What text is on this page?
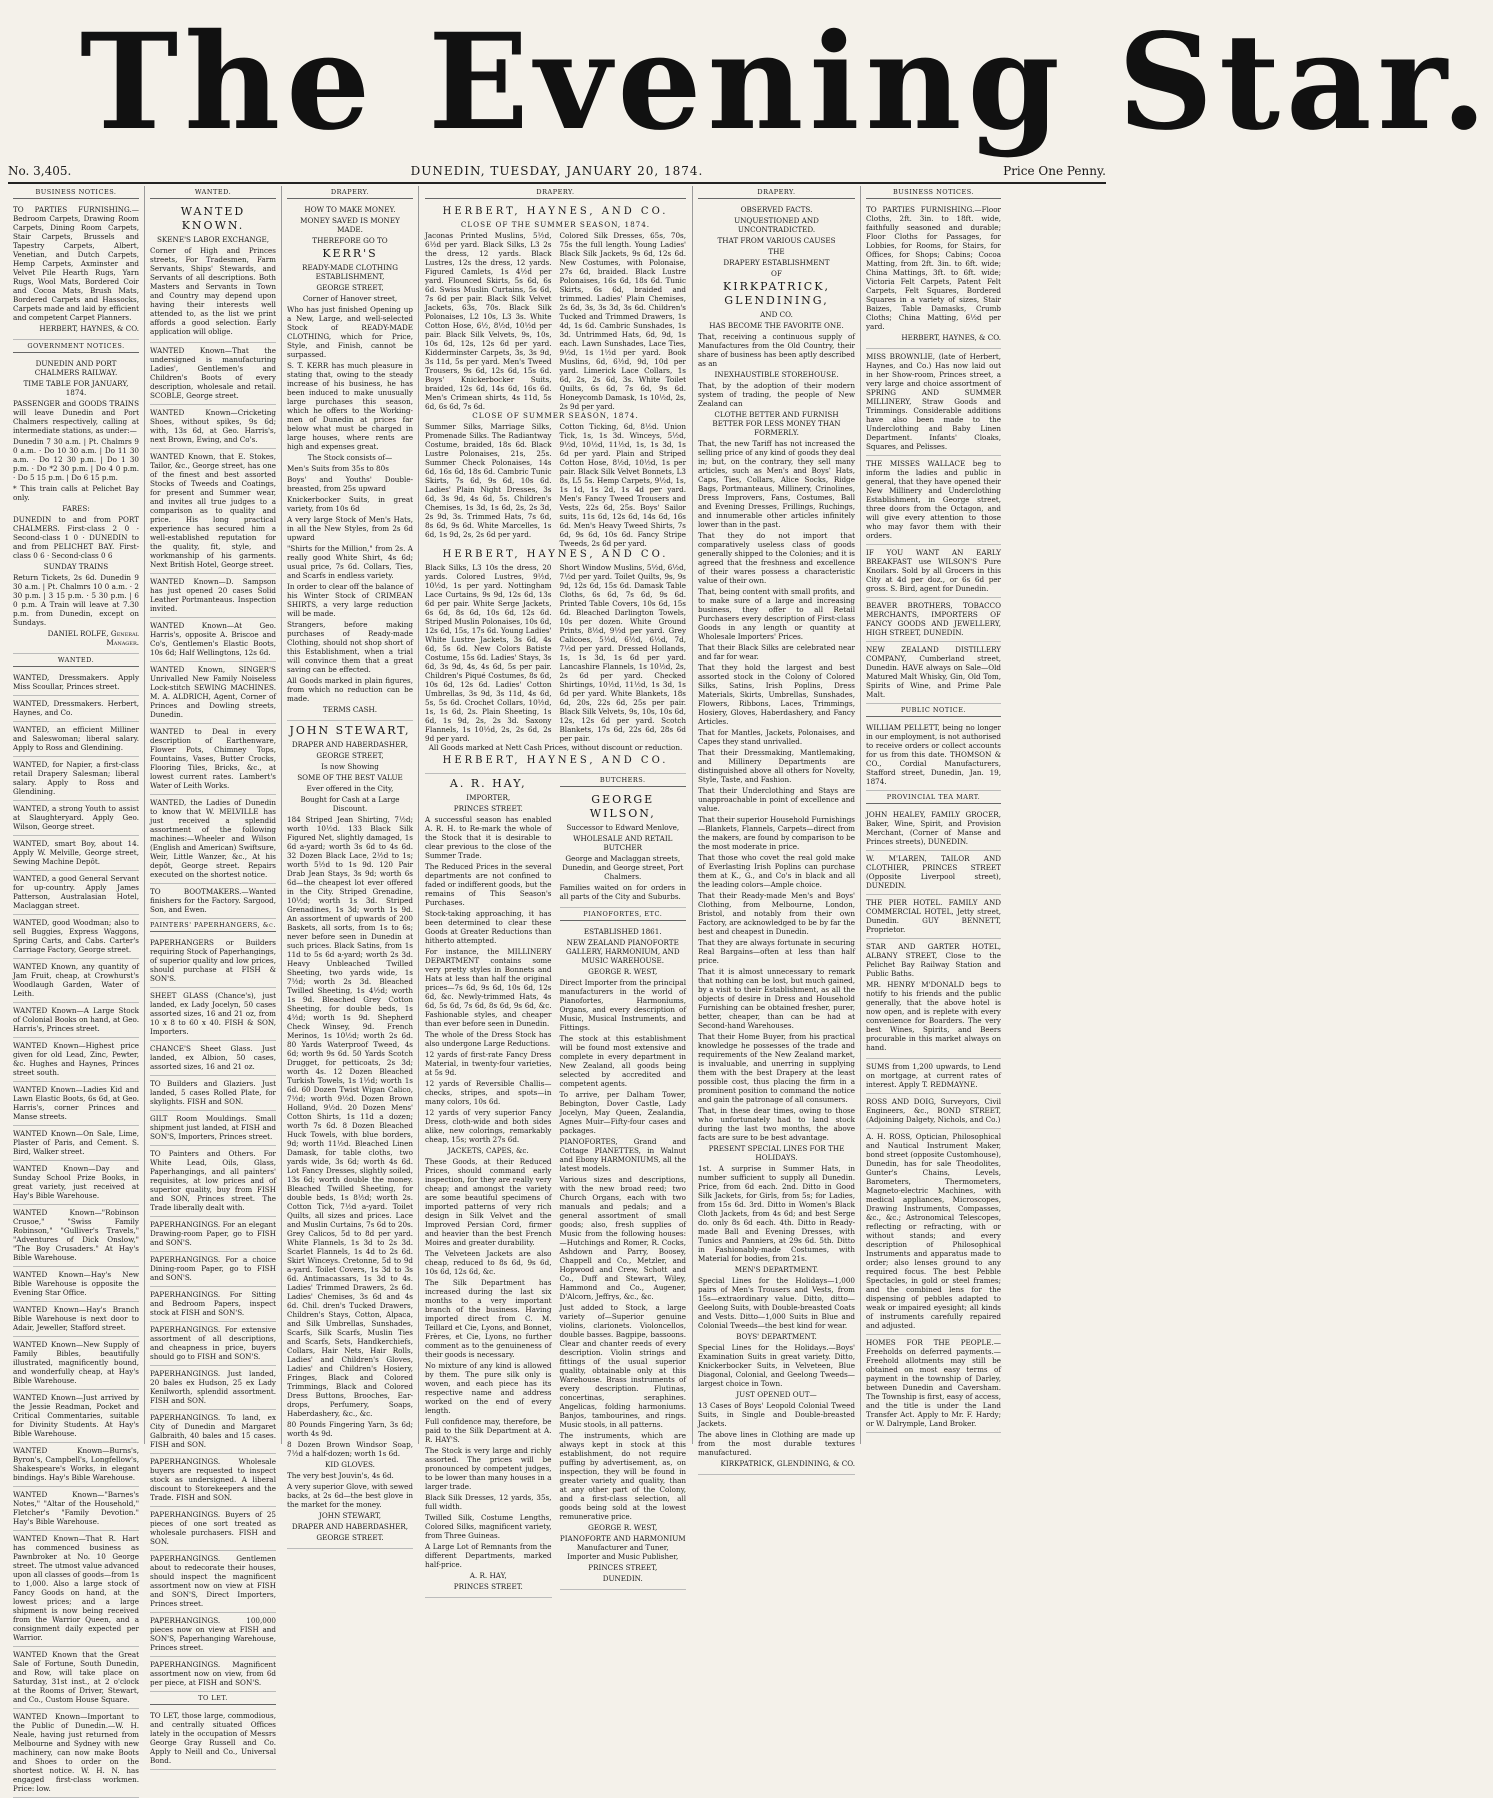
The Evening Star.
No. 3,405.	DUNEDIN, TUESDAY, JANUARY 20, 1874.	Price One Penny.
BUSINESS NOTICES.

TO PARTIES FURNISHING.—Bedroom Carpets, Drawing Room Carpets, Dining Room Carpets, Stair Carpets, Brussels and Tapestry Carpets, Albert, Venetian, and Dutch Carpets, Hemp Carpets, Axminster and Velvet Pile Hearth Rugs, Yarn Rugs, Wool Mats, Bordered Coir and Cocoa Mats, Brush Mats, Bordered Carpets and Hassocks, Carpets made and laid by efficient and competent Carpet Planners.

HERBERT, HAYNES, & CO.

GOVERNMENT NOTICES.

DUNEDIN AND PORT CHALMERS RAILWAY.

TIME TABLE FOR JANUARY, 1874.

PASSENGER and GOODS TRAINS will leave Dunedin and Port Chalmers respectively, calling at intermediate stations, as under:—

Dunedin 7 30 a.m. | Pt. Chalmrs 9 0 a.m. · Do 10 30 a.m. | Do 11 30 a.m. · Do 12 30 p.m. | Do 1 30 p.m. · Do *2 30 p.m. | Do 4 0 p.m. · Do 5 15 p.m. | Do 6 15 p.m.

* This train calls at Pelichet Bay only.

FARES:

DUNEDIN to and from PORT CHALMERS. First-class 2 0 · Second-class 1 0 · DUNEDIN to and from PELICHET BAY. First-class 0 6 · Second-class 0 6

SUNDAY TRAINS

Return Tickets, 2s 6d. Dunedin 9 30 a.m. | Pt. Chalmrs 10 0 a.m. · 2 30 p.m. | 3 15 p.m. · 5 30 p.m. | 6 0 p.m. A Train will leave at 7.30 p.m. from Dunedin, except on Sundays.

DANIEL ROLFE, General Manager.

WANTED.
WANTED, Dressmakers. Apply Miss Scoullar, Princes street.
WANTED, Dressmakers. Herbert, Haynes, and Co.
WANTED, an efficient Milliner and Saleswoman; liberal salary. Apply to Ross and Glendining.
WANTED, for Napier, a first-class retail Drapery Salesman; liberal salary. Apply to Ross and Glendining.
WANTED, a strong Youth to assist at Slaughteryard. Apply Geo. Wilson, George street.
WANTED, smart Boy, about 14. Apply W. Melville, George street, Sewing Machine Depôt.
WANTED, a good General Servant for up-country. Apply James Patterson, Australasian Hotel, Maclaggan street.
WANTED, good Woodman; also to sell Buggies, Express Waggons, Spring Carts, and Cabs. Carter's Carriage Factory, George street.
WANTED Known, any quantity of Jam Fruit, cheap, at Crowhurst's Woodlaugh Garden, Water of Leith.
WANTED Known—A Large Stock of Colonial Books on hand, at Geo. Harris's, Princes street.
WANTED Known—Highest price given for old Lead, Zinc, Pewter, &c. Hughes and Haynes, Princes street south.
WANTED Known—Ladies Kid and Lawn Elastic Boots, 6s 6d, at Geo. Harris's, corner Princes and Manse streets.
WANTED Known—On Sale, Lime, Plaster of Paris, and Cement. S. Bird, Walker street.
WANTED Known—Day and Sunday School Prize Books, in great variety, just received at Hay's Bible Warehouse.
WANTED Known—"Robinson Crusoe," "Swiss Family Robinson," "Gulliver's Travels," "Adventures of Dick Onslow," "The Boy Crusaders." At Hay's Bible Warehouse.
WANTED Known—Hay's New Bible Warehouse is opposite the Evening Star Office.
WANTED Known—Hay's Branch Bible Warehouse is next door to Adair, Jeweller, Stafford street.
WANTED Known—New Supply of Family Bibles, beautifully illustrated, magnificently bound, and wonderfully cheap, at Hay's Bible Warehouse.
WANTED Known—Just arrived by the Jessie Readman, Pocket and Critical Commentaries, suitable for Divinity Students. At Hay's Bible Warehouse.
WANTED Known—Burns's, Byron's, Campbell's, Longfellow's, Shakespeare's Works, in elegant bindings. Hay's Bible Warehouse.
WANTED Known—"Barnes's Notes," "Altar of the Household," Fletcher's "Family Devotion." Hay's Bible Warehouse.
WANTED Known—That R. Hart has commenced business as Pawnbroker at No. 10 George street. The utmost value advanced upon all classes of goods—from 1s to 1,000. Also a large stock of Fancy Goods on hand, at the lowest prices; and a large shipment is now being received from the Warrior Queen, and a consignment daily expected per Warrior.
WANTED Known that the Great Sale of Fortune, South Dunedin, and Row, will take place on Saturday, 31st inst., at 2 o'clock at the Rooms of Driver, Stewart, and Co., Custom House Square.
WANTED Known—Important to the Public of Dunedin.—W. H. Neale, having just returned from Melbourne and Sydney with new machinery, can now make Boots and Shoes to order on the shortest notice. W. H. N. has engaged first-class workmen. Price: low.
WANTED.

WANTED KNOWN.

SKENE'S LABOR EXCHANGE,

Corner of High and Princes streets, For Tradesmen, Farm Servants, Ships' Stewards, and Servants of all descriptions. Both Masters and Servants in Town and Country may depend upon having their interests well attended to, as the list we print affords a good selection. Early application will oblige.

WANTED Known—That the undersigned is manufacturing Ladies', Gentlemen's and Children's Boots of every description, wholesale and retail. SCOBLE, George street.
WANTED Known—Cricketing Shoes, without spikes, 9s 6d; with, 13s 6d, at Geo. Harris's, next Brown, Ewing, and Co's.
WANTED Known, that E. Stokes, Tailor, &c., George street, has one of the finest and best assorted Stocks of Tweeds and Coatings, for present and Summer wear, and invites all true judges to a comparison as to quality and price. His long practical experience has secured him a well-established reputation for the quality, fit, style, and workmanship of his garments. Next British Hotel, George street.
WANTED Known—D. Sampson has just opened 20 cases Solid Leather Portmanteaus. Inspection invited.
WANTED Known—At Geo. Harris's, opposite A. Briscoe and Co's, Gentlemen's Elastic Boots, 10s 6d; Half Wellingtons, 12s 6d.
WANTED Known, SINGER'S Unrivalled New Family Noiseless Lock-stitch SEWING MACHINES. M. A. ALDRICH, Agent, Corner of Princes and Dowling streets, Dunedin.
WANTED to Deal in every description of Earthenware, Flower Pots, Chimney Tops, Fountains, Vases, Butter Crocks, Flooring Tiles, Bricks, &c., at lowest current rates. Lambert's Water of Leith Works.
WANTED, the Ladies of Dunedin to know that W. MELVILLE has just received a splendid assortment of the following machines:—Wheeler and Wilson (English and American) Swiftsure, Weir, Little Wanzer, &c., At his depôt, George street. Repairs executed on the shortest notice.
TO BOOTMAKERS.—Wanted finishers for the Factory. Sargood, Son, and Ewen.
PAINTERS' PAPERHANGERS, &c.
PAPERHANGERS or Builders requiring Stock of Paperhangings, of superior quality and low prices, should purchase at FISH & SON'S.
SHEET GLASS (Chance's), just landed, ex Lady Jocelyn, 50 cases assorted sizes, 16 and 21 oz, from 10 x 8 to 60 x 40. FISH & SON, Importers.
CHANCE'S Sheet Glass. Just landed, ex Albion, 50 cases, assorted sizes, 16 and 21 oz.
TO Builders and Glaziers. Just landed, 5 cases Rolled Plate, for skylights. FISH and SON.
GILT Room Mouldings. Small shipment just landed, at FISH and SON'S, Importers, Princes street.
TO Painters and Others. For White Lead, Oils, Glass, Paperhangings, and all painters' requisites, at low prices and of superior quality, buy from FISH and SON, Princes street. The Trade liberally dealt with.
PAPERHANGINGS. For an elegant Drawing-room Paper, go to FISH and SON'S.
PAPERHANGINGS. For a choice Dining-room Paper, go to FISH and SON'S.
PAPERHANGINGS. For Sitting and Bedroom Papers, inspect stock at FISH and SON'S.
PAPERHANGINGS. For extensive assortment of all descriptions, and cheapness in price, buyers should go to FISH and SON'S.
PAPERHANGINGS. Just landed, 20 bales ex Hudson, 25 ex Lady Kenilworth, splendid assortment. FISH and SON.
PAPERHANGINGS. To land, ex City of Dunedin and Margaret Galbraith, 40 bales and 15 cases. FISH and SON.
PAPERHANGINGS. Wholesale buyers are requested to inspect stock as undersigned. A liberal discount to Storekeepers and the Trade. FISH and SON.
PAPERHANGINGS. Buyers of 25 pieces of one sort treated as wholesale purchasers. FISH and SON.
PAPERHANGINGS. Gentlemen about to redecorate their houses, should inspect the magnificent assortment now on view at FISH and SON'S, Direct Importers, Princes street.
PAPERHANGINGS. 100,000 pieces now on view at FISH and SON'S, Paperhanging Warehouse, Princes street.
PAPERHANGINGS. Magnificent assortment now on view, from 6d per piece, at FISH and SON'S.
TO LET.
TO LET, those large, commodious, and centrally situated Offices lately in the occupation of Messrs George Gray Russell and Co. Apply to Neill and Co., Universal Bond.
DRAPERY.

HOW TO MAKE MONEY.

MONEY SAVED IS MONEY MADE.

THEREFORE GO TO

KERR'S

READY-MADE CLOTHING ESTABLISHMENT,

GEORGE STREET,

Corner of Hanover street,

Who has just finished Opening up a New, Large, and well-selected Stock of READY-MADE CLOTHING, which for Price, Style, and Finish, cannot be surpassed.

S. T. KERR has much pleasure in stating that, owing to the steady increase of his business, he has been induced to make unusually large purchases this season, which he offers to the Working-men of Dunedin at prices far below what must be charged in large houses, where rents are high and expenses great.

The Stock consists of—

Men's Suits from 35s to 80s

Boys' and Youths' Double-breasted, from 25s upward

Knickerbocker Suits, in great variety, from 10s 6d

A very large Stock of Men's Hats, in all the New Styles, from 2s 6d upward

"Shirts for the Million," from 2s. A really good White Shirt, 4s 6d; usual price, 7s 6d. Collars, Ties, and Scarfs in endless variety.

In order to clear off the balance of his Winter Stock of CRIMEAN SHIRTS, a very large reduction will be made.

Strangers, before making purchases of Ready-made Clothing, should not shop short of this Establishment, when a trial will convince them that a great saving can be effected.

All Goods marked in plain figures, from which no reduction can be made.

TERMS CASH.

JOHN STEWART,

DRAPER AND HABERDASHER,

GEORGE STREET,

Is now Showing

SOME OF THE BEST VALUE

Ever offered in the City,

Bought for Cash at a Large Discount.

184 Striped Jean Shirting, 7½d; worth 10½d. 133 Black Silk Figured Net, slightly damaged, 1s 6d a-yard; worth 3s 6d to 4s 6d. 32 Dozen Black Lace, 2½d to 1s; worth 5½d to 1s 9d. 120 Pair Drab Jean Stays, 3s 9d; worth 6s 6d—the cheapest lot ever offered in the City. Striped Grenadine, 10½d; worth 1s 3d. Striped Grenadines, 1s 3d; worth 1s 9d. An assortment of upwards of 200 Baskets, all sorts, from 1s to 6s; never before seen in Dunedin at such prices. Black Satins, from 1s 11d to 5s 6d a-yard; worth 2s 3d. Heavy Unbleached Twilled Sheeting, two yards wide, 1s 7½d; worth 2s 3d. Bleached Twilled Sheeting, 1s 4½d; worth 1s 9d. Bleached Grey Cotton Sheeting, for double beds, 1s 4½d; worth 1s 9d. Shepherd Check Winsey, 9d. French Merinos, 1s 10½d; worth 2s 6d. 80 Yards Waterproof Tweed, 4s 6d; worth 9s 6d. 50 Yards Scotch Drugget, for petticoats, 2s 3d; worth 4s. 12 Dozen Bleached Turkish Towels, 1s 1½d; worth 1s 6d. 60 Dozen Twist Wigan Calico, 7½d; worth 9½d. Dozen Brown Holland, 9½d. 20 Dozen Mens' Cotton Shirts, 1s 11d a dozen; worth 7s 6d. 8 Dozen Bleached Huck Towels, with blue borders, 9d; worth 11½d. Bleached Linen Damask, for table cloths, two yards wide, 3s 6d; worth 4s 6d. Lot Fancy Dresses, slightly soiled, 13s 6d; worth double the money. Bleached Twilled Sheeting, for double beds, 1s 8½d; worth 2s. Cotton Tick, 7½d a-yard. Toilet Quilts, all sizes and prices. Lace and Muslin Curtains, 7s 6d to 20s. Grey Calicos, 5d to 8d per yard. White Flannels, 1s 3d to 2s 3d. Scarlet Flannels, 1s 4d to 2s 6d. Skirt Winceys. Cretonne, 5d to 9d a-yard. Toilet Covers, 1s 3d to 3s 6d. Antimacassars, 1s 3d to 4s. Ladies' Trimmed Drawers, 2s 6d. Ladies' Chemises, 3s 6d and 4s 6d. Chil. dren's Tucked Drawers, Children's Stays, Cotton, Alpaca, and Silk Umbrellas, Sunshades, Scarfs, Silk Scarfs, Muslin Ties and Scarfs, Sets, Handkerchiefs, Collars, Hair Nets, Hair Rolls, Ladies' and Children's Gloves, Ladies' and Children's Hosiery, Fringes, Black and Colored Trimmings, Black and Colored Dress Buttons, Brooches, Ear-drops, Perfumery, Soaps, Haberdashery, &c., &c.

80 Pounds Fingering Yarn, 3s 6d; worth 4s 9d.

8 Dozen Brown Windsor Soap, 7½d a half-dozen; worth 1s 6d.

KID GLOVES.

The very best Jouvin's, 4s 6d.

A very superior Glove, with sewed backs, at 2s 6d—the best glove in the market for the money.

JOHN STEWART,

DRAPER AND HABERDASHER,

GEORGE STREET.

DRAPERY.

HERBERT, HAYNES, AND CO.

CLOSE OF THE SUMMER SEASON, 1874.

Jaconas Printed Muslins, 5½d, 6½d per yard. Black Silks, L3 2s the dress, 12 yards. Black Lustres, 12s the dress, 12 yards. Figured Camlets, 1s 4½d per yard. Flounced Skirts, 5s 6d, 6s 6d. Swiss Muslin Curtains, 5s 6d, 7s 6d per pair. Black Silk Velvet Jackets, 63s, 70s. Black Silk Polonaises, L2 10s, L3 3s. White Cotton Hose, 6½, 8½d, 10½d per pair. Black Silk Velvets, 9s, 10s, 10s 6d, 12s, 12s 6d per yard. Kidderminster Carpets, 3s, 3s 9d, 3s 11d, 5s per yard. Men's Tweed Trousers, 9s 6d, 12s 6d, 15s 6d. Boys' Knickerbocker Suits, braided, 12s 6d, 14s 6d, 16s 6d. Men's Crimean shirts, 4s 11d, 5s 6d, 6s 6d, 7s 6d.
Colored Silk Dresses, 65s, 70s, 75s the full length. Young Ladies' Black Silk Jackets, 9s 6d, 12s 6d. New Costumes, with Polonaise, 27s 6d, braided. Black Lustre Polonaises, 16s 6d, 18s 6d. Tunic Skirts, 6s 6d, braided and trimmed. Ladies' Plain Chemises, 2s 6d, 3s, 3s 3d, 3s 6d. Children's Tucked and Trimmed Drawers, 1s 4d, 1s 6d. Cambric Sunshades, 1s 3d. Untrimmed Hats, 6d, 9d, 1s each. Lawn Sunshades, Lace Ties, 9½d, 1s 1½d per yard. Book Muslins, 6d, 6½d, 9d, 10d per yard. Limerick Lace Collars, 1s 6d, 2s, 2s 6d, 3s. White Toilet Quilts, 6s 6d, 7s 6d, 9s 6d. Honeycomb Damask, 1s 10½d, 2s, 2s 9d per yard.

CLOSE OF SUMMER SEASON, 1874.

Summer Silks, Marriage Silks, Promenade Silks. The Radiantway Costume, braided, 18s 6d. Black Lustre Polonaises, 21s, 25s. Summer Check Polonaises, 14s 6d, 16s 6d, 18s 6d. Cambric Tunic Skirts, 7s 6d, 9s 6d, 10s 6d. Ladies' Plain Night Dresses, 3s 6d, 3s 9d, 4s 6d, 5s. Children's Chemises, 1s 3d, 1s 6d, 2s, 2s 3d, 2s 9d, 3s. Trimmed Hats, 7s 6d, 8s 6d, 9s 6d. White Marcelles, 1s 6d, 1s 9d, 2s, 2s 6d per yard.
Cotton Ticking, 6d, 8½d. Union Tick, 1s, 1s 3d. Winceys, 5½d, 9½d, 10½d, 11½d, 1s, 1s 3d, 1s 6d per yard. Plain and Striped Cotton Hose, 8½d, 10½d, 1s per pair. Black Silk Velvet Bonnets, L3 8s, L5 5s. Hemp Carpets, 9½d, 1s, 1s 1d, 1s 2d, 1s 4d per yard. Men's Fancy Tweed Trousers and Vests, 22s 6d, 25s. Boys' Sailor suits, 11s 6d, 12s 6d, 14s 6d, 16s 6d. Men's Heavy Tweed Shirts, 7s 6d, 9s 6d, 10s 6d. Fancy Stripe Tweeds, 2s 6d per yard.

HERBERT, HAYNES, AND CO.

Black Silks, L3 10s the dress, 20 yards. Colored Lustres, 9½d, 10½d, 1s per yard. Nottingham Lace Curtains, 9s 9d, 12s 6d, 13s 6d per pair. White Serge Jackets, 6s 6d, 8s 6d, 10s 6d, 12s 6d. Striped Muslin Polonaises, 10s 6d, 12s 6d, 15s, 17s 6d. Young Ladies' White Lustre Jackets, 3s 6d, 4s 6d, 5s 6d. New Colors Batiste Costume, 15s 6d. Ladies' Stays, 3s 6d, 3s 9d, 4s, 4s 6d, 5s per pair. Children's Piqué Costumes, 8s 6d, 10s 6d, 12s 6d. Ladies' Cotton Umbrellas, 3s 9d, 3s 11d, 4s 6d, 5s, 5s 6d. Crochet Collars, 10½d, 1s, 1s 6d, 2s. Plain Sheeting, 1s 6d, 1s 9d, 2s, 2s 3d. Saxony Flannels, 1s 10½d, 2s, 2s 6d, 2s 9d per yard.
Short Window Muslins, 5½d, 6½d, 7½d per yard. Toilet Quilts, 9s, 9s 9d, 12s 6d, 15s 6d. Damask Table Cloths, 6s 6d, 7s 6d, 9s 6d. Printed Table Covers, 10s 6d, 15s 6d. Bleached Darlington Towels, 10s per dozen. White Ground Prints, 8½d, 9½d per yard. Grey Calicoes, 5½d, 6½d, 6½d, 7d, 7½d per yard. Dressed Hollands, 1s, 1s 3d, 1s 6d per yard. Lancashire Flannels, 1s 10½d, 2s, 2s 6d per yard. Checked Shirtings, 10½d, 11½d, 1s 3d, 1s 6d per yard. White Blankets, 18s 6d, 20s, 22s 6d, 25s per pair. Black Silk Velvets, 9s, 10s, 10s 6d, 12s, 12s 6d per yard. Scotch Blankets, 17s 6d, 22s 6d, 28s 6d per pair.

All Goods marked at Nett Cash Prices, without discount or reduction.

HERBERT, HAYNES, AND CO.

A. R. HAY,

IMPORTER,

PRINCES STREET.

A successful season has enabled A. R. H. to Re-mark the whole of the Stock that it is desirable to clear previous to the close of the Summer Trade.

The Reduced Prices in the several departments are not confined to faded or indifferent goods, but the remains of This Season's Purchases.

Stock-taking approaching, it has been determined to clear these Goods at Greater Reductions than hitherto attempted.

For instance, the MILLINERY DEPARTMENT contains some very pretty styles in Bonnets and Hats at less than half the original prices—7s 6d, 9s 6d, 10s 6d, 12s 6d, &c. Newly-trimmed Hats, 4s 6d, 5s 6d, 7s 6d, 8s 6d, 9s 6d, &c. Fashionable styles, and cheaper than ever before seen in Dunedin.

The whole of the Dress Stock has also undergone Large Reductions.

12 yards of first-rate Fancy Dress Material, in twenty-four varieties, at 5s 9d.

12 yards of Reversible Challis—checks, stripes, and spots—in many colors, 10s 6d.

12 yards of very superior Fancy Dress, cloth-wide and both sides alike, new colorings, remarkably cheap, 15s; worth 27s 6d.

JACKETS, CAPES, &c.

These Goods, at their Reduced Prices, should command early inspection, for they are really very cheap; and amongst the variety are some beautiful specimens of imported patterns of very rich design in Silk Velvet and the Improved Persian Cord, firmer and heavier than the best French Moires and greater durability.

The Velveteen Jackets are also cheap, reduced to 8s 6d, 9s 6d, 10s 6d, 12s 6d, &c.

The Silk Department has increased during the last six months to a very important branch of the business. Having imported direct from C. M. Teillard et Cie, Lyons, and Bonnet, Frères, et Cie, Lyons, no further comment as to the genuineness of their goods is necessary.

No mixture of any kind is allowed by them. The pure silk only is woven, and each piece has its respective name and address worked on the end of every length.

Full confidence may, therefore, be paid to the Silk Department at A. R. HAY'S.

The Stock is very large and richly assorted. The prices will be pronounced by competent judges, to be lower than many houses in a larger trade.

Black Silk Dresses, 12 yards, 35s, full width.

Twilled Silk, Costume Lengths, Colored Silks, magnificent variety, from Three Guineas.

A Large Lot of Remnants from the different Departments, marked half-price.

A. R. HAY,

PRINCES STREET.

BUTCHERS.

GEORGE WILSON,

Successor to Edward Menlove,

WHOLESALE AND RETAIL BUTCHER

George and Maclaggan streets, Dunedin, and George street, Port Chalmers.

Families waited on for orders in all parts of the City and Suburbs.

PIANOFORTES, ETC.

ESTABLISHED 1861.

NEW ZEALAND PIANOFORTE GALLERY, HARMONIUM, AND MUSIC WAREHOUSE.

GEORGE R. WEST,

Direct Importer from the principal manufacturers in the world of Pianofortes, Harmoniums, Organs, and every description of Music, Musical Instruments, and Fittings.

The stock at this establishment will be found most extensive and complete in every department in New Zealand, all goods being selected by accredited and competent agents.

To arrive, per Dalham Tower, Bebington, Dover Castle, Lady Jocelyn, May Queen, Zealandia, Agnes Muir—Fifty-four cases and packages.

PIANOFORTES, Grand and Cottage PIANETTES, in Walnut and Ebony HARMONIUMS, all the latest models.

Various sizes and descriptions, with the new broad reed; two Church Organs, each with two manuals and pedals; and a general assortment of small goods; also, fresh supplies of Music from the following houses:—Hutchings and Romer, R. Cocks, Ashdown and Parry, Boosey, Chappell and Co., Metzler, and Hopwood and Crew, Schott and Co., Duff and Stewart, Wiley, Hammond and Co., Augener, D'Alcorn, Jeffrys, &c., &c.

Just added to Stock, a large variety of—Superior genuine violins, clarionets. Violoncellos, double basses. Bagpipe, bassoons. Clear and chanter reeds of every description. Violin strings and fittings of the usual superior quality, obtainable only at this Warehouse. Brass instruments of every description. Flutinas, concertinas, seraphines. Angelicas, folding harmoniums. Banjos, tambourines, and rings. Music stools, in all patterns.

The instruments, which are always kept in stock at this establishment, do not require puffing by advertisement, as, on inspection, they will be found in greater variety and quality, than at any other part of the Colony, and a first-class selection, all goods being sold at the lowest remunerative price.

GEORGE R. WEST,

PIANOFORTE AND HARMONIUM Manufacturer and Tuner, Importer and Music Publisher,

PRINCES STREET,

DUNEDIN.

DRAPERY.

OBSERVED FACTS.

UNQUESTIONED AND UNCONTRADICTED.

THAT FROM VARIOUS CAUSES

THE

DRAPERY ESTABLISHMENT

OF

KIRKPATRICK, GLENDINING,

AND CO.

HAS BECOME THE FAVORITE ONE.

That, receiving a continuous supply of Manufactures from the Old Country, their share of business has been aptly described as an

INEXHAUSTIBLE STOREHOUSE.

That, by the adoption of their modern system of trading, the people of New Zealand can

CLOTHE BETTER AND FURNISH BETTER FOR LESS MONEY THAN FORMERLY.

That, the new Tariff has not increased the selling price of any kind of goods they deal in; but, on the contrary, they sell many articles, such as Men's and Boys' Hats, Caps, Ties, Collars, Alice Socks, Ridge Bags, Portmanteaus, Millinery, Crinolines, Dress Improvers, Fans, Costumes, Ball and Evening Dresses, Frillings, Ruchings, and innumerable other articles infinitely lower than in the past.

That they do not import that comparatively useless class of goods generally shipped to the Colonies; and it is agreed that the freshness and excellence of their wares possess a characteristic value of their own.

That, being content with small profits, and to make sure of a large and increasing business, they offer to all Retail Purchasers every description of First-class Goods in any length or quantity at Wholesale Importers' Prices.

That their Black Silks are celebrated near and far for wear.

That they hold the largest and best assorted stock in the Colony of Colored Silks, Satins, Irish Poplins, Dress Materials, Skirts, Umbrellas, Sunshades, Flowers, Ribbons, Laces, Trimmings, Hosiery, Gloves, Haberdashery, and Fancy Articles.

That for Mantles, Jackets, Polonaises, and Capes they stand unrivalled.

That their Dressmaking, Mantlemaking, and Millinery Departments are distinguished above all others for Novelty, Style, Taste, and Fashion.

That their Underclothing and Stays are unapproachable in point of excellence and value.

That their superior Household Furnishings—Blankets, Flannels, Carpets—direct from the makers, are found by comparison to be the most moderate in price.

That those who covet the real gold make of Everlasting Irish Poplins can purchase them at K., G., and Co's in black and all the leading colors—Ample choice.

That their Ready-made Men's and Boys' Clothing, from Melbourne, London, Bristol, and notably from their own Factory, are acknowledged to be by far the best and cheapest in Dunedin.

That they are always fortunate in securing Real Bargains—often at less than half price.

That it is almost unnecessary to remark that nothing can be lost, but much gained, by a visit to their Establishment, as all the objects of desire in Dress and Household Furnishing can be obtained fresher, purer, better, cheaper, than can be had at Second-hand Warehouses.

That their Home Buyer, from his practical knowledge he possesses of the trade and requirements of the New Zealand market, is invaluable, and unerring in supplying them with the best Drapery at the least possible cost, thus placing the firm in a prominent position to command the notice and gain the patronage of all consumers.

That, in these dear times, owing to those who unfortunately had to land stock during the last two months, the above facts are sure to be best advantage.

PRESENT SPECIAL LINES FOR THE HOLIDAYS.

1st. A surprise in Summer Hats, in number sufficient to supply all Dunedin. Price, from 6d each. 2nd. Ditto in Good Silk Jackets, for Girls, from 5s; for Ladies, from 15s 6d. 3rd. Ditto in Women's Black Cloth Jackets, from 4s 6d; and best Serge do. only 8s 6d each. 4th. Ditto in Ready-made Ball and Evening Dresses, with Tunics and Panniers, at 29s 6d. 5th. Ditto in Fashionably-made Costumes, with Material for bodies, from 21s.

MEN'S DEPARTMENT.

Special Lines for the Holidays—1,000 pairs of Men's Trousers and Vests, from 15s—extraordinary value. Ditto, ditto—Geelong Suits, with Double-breasted Coats and Vests. Ditto—1,000 Suits in Blue and Colonial Tweeds—the best kind for wear.

BOYS' DEPARTMENT.

Special Lines for the Holidays.—Boys' Examination Suits in great variety. Ditto, Knickerbocker Suits, in Velveteen, Blue Diagonal, Colonial, and Geelong Tweeds—largest choice in Town.

JUST OPENED OUT—

13 Cases of Boys' Leopold Colonial Tweed Suits, in Single and Double-breasted Jackets.

The above lines in Clothing are made up from the most durable textures manufactured.

KIRKPATRICK, GLENDINING, & CO.

BUSINESS NOTICES.

TO PARTIES FURNISHING.—Floor Cloths, 2ft. 3in. to 18ft. wide, faithfully seasoned and durable; Floor Cloths for Passages, for Lobbies, for Rooms, for Stairs, for Offices, for Shops; Cabins; Cocoa Matting, from 2ft. 3in. to 6ft. wide; China Mattings, 3ft. to 6ft. wide; Victoria Felt Carpets, Patent Felt Carpets, Felt Squares, Bordered Squares in a variety of sizes, Stair Baizes, Table Damasks, Crumb Cloths; China Matting, 6½d per yard.

HERBERT, HAYNES, & CO.

MISS BROWNLIE, (late of Herbert, Haynes, and Co.) Has now laid out in her Show-room, Princes street, a very large and choice assortment of SPRING AND SUMMER MILLINERY, Straw Goods and Trimmings. Considerable additions have also been made to the Underclothing and Baby Linen Department. Infants' Cloaks, Squares, and Pelisses.
THE MISSES WALLACE beg to inform the ladies and public in general, that they have opened their New Millinery and Underclothing Establishment, in George street, three doors from the Octagon, and will give every attention to those who may favor them with their orders.
IF YOU WANT AN EARLY BREAKFAST use WILSON'S Pure Knoilars. Sold by all Grocers in this City at 4d per doz., or 6s 6d per gross. S. Bird, agent for Dunedin.
BEAVER BROTHERS, TOBACCO MERCHANTS, IMPORTERS OF FANCY GOODS AND JEWELLERY, HIGH STREET, DUNEDIN.
NEW ZEALAND DISTILLERY COMPANY, Cumberland street, Dunedin. HAVE always on Sale—Old Matured Malt Whisky, Gin, Old Tom, Spirits of Wine, and Prime Pale Malt.
PUBLIC NOTICE.
WILLIAM PELLETT, being no longer in our employment, is not authorised to receive orders or collect accounts for us from this date. THOMSON & CO., Cordial Manufacturers, Stafford street, Dunedin, Jan. 19, 1874.
PROVINCIAL TEA MART.
JOHN HEALEY, FAMILY GROCER, Baker, Wine, Spirit, and Provision Merchant, (Corner of Manse and Princes streets), DUNEDIN.
W. M'LAREN, TAILOR AND CLOTHIER, PRINCES STREET (Opposite Liverpool street), DUNEDIN.
THE PIER HOTEL. FAMILY AND COMMERCIAL HOTEL, Jetty street, Dunedin. GUY BENNETT, Proprietor.

STAR AND GARTER HOTEL, ALBANY STREET, Close to the Pelichet Bay Railway Station and Public Baths.

MR. HENRY M'DONALD begs to notify to his friends and the public generally, that the above hotel is now open, and is replete with every convenience for Boarders. The very best Wines, Spirits, and Beers procurable in this market always on hand.

SUMS from 1,200 upwards, to Lend on mortgage, at current rates of interest. Apply T. REDMAYNE.
ROSS AND DOIG, Surveyors, Civil Engineers, &c., BOND STREET, (Adjoining Dalgety, Nichols, and Co.)
A. H. ROSS, Optician, Philosophical and Nautical Instrument Maker, bond street (opposite Customhouse), Dunedin, has for sale Theodolites, Gunter's Chains, Levels, Barometers, Thermometers, Magneto-electric Machines, with medical appliances, Microscopes, Drawing Instruments, Compasses, &c., &c.; Astronomical Telescopes, reflecting or refracting, with or without stands; and every description of Philosophical Instruments and apparatus made to order; also lenses ground to any required focus. The best Pebble Spectacles, in gold or steel frames; and the combined lens for the dispensing of pebbles adapted to weak or impaired eyesight; all kinds of instruments carefully repaired and adjusted.
HOMES FOR THE PEOPLE.—Freeholds on deferred payments.—Freehold allotments may still be obtained on most easy terms of payment in the township of Darley, between Dunedin and Caversham. The Township is first, easy of access, and the title is under the Land Transfer Act. Apply to Mr. F. Hardy; or W. Dalrymple, Land Broker.
